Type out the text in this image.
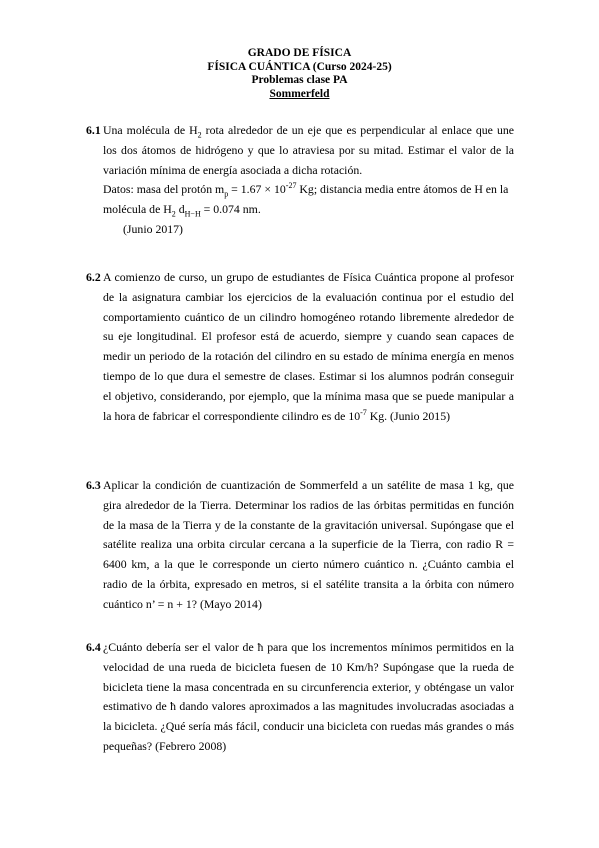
GRADO DE FÍSICA
FÍSICA CUÁNTICA (Curso 2024-25)
Problemas clase PA
Sommerfeld
6.1 Una molécula de $H_2$ rota alrededor de un eje que es perpendicular al enlace que une los dos átomos de hidrógeno y que lo atraviesa por su mitad. Estimar el valor de la variación mínima de energía asociada a dicha rotación.
Datos: masa del protón $m_p = 1.67 \times 10^{-27}$ Kg; distancia media entre átomos de H en la molécula de $H_2$ $d_{H-H} = 0.074$ nm.
(Junio 2017)
6.2 A comienzo de curso, un grupo de estudiantes de Física Cuántica propone al profesor de la asignatura cambiar los ejercicios de la evaluación continua por el estudio del comportamiento cuántico de un cilindro homogéneo rotando libremente alrededor de su eje longitudinal. El profesor está de acuerdo, siempre y cuando sean capaces de medir un periodo de la rotación del cilindro en su estado de mínima energía en menos tiempo de lo que dura el semestre de clases. Estimar si los alumnos podrán conseguir el objetivo, considerando, por ejemplo, que la mínima masa que se puede manipular a la hora de fabricar el correspondiente cilindro es de $10^{-7}$ Kg. (Junio 2015)
6.3 Aplicar la condición de cuantización de Sommerfeld a un satélite de masa 1 kg, que gira alrededor de la Tierra. Determinar los radios de las órbitas permitidas en función de la masa de la Tierra y de la constante de la gravitación universal. Supóngase que el satélite realiza una orbita circular cercana a la superficie de la Tierra, con radio R = 6400 km, a la que le corresponde un cierto número cuántico n. ¿Cuánto cambia el radio de la órbita, expresado en metros, si el satélite transita a la órbita con número cuántico n’ = n + 1? (Mayo 2014)
6.4 ¿Cuánto debería ser el valor de ħ para que los incrementos mínimos permitidos en la velocidad de una rueda de bicicleta fuesen de 10 Km/h? Supóngase que la rueda de bicicleta tiene la masa concentrada en su circunferencia exterior, y obténgase un valor estimativo de ħ dando valores aproximados a las magnitudes involucradas asociadas a la bicicleta. ¿Qué sería más fácil, conducir una bicicleta con ruedas más grandes o más pequeñas? (Febrero 2008)
